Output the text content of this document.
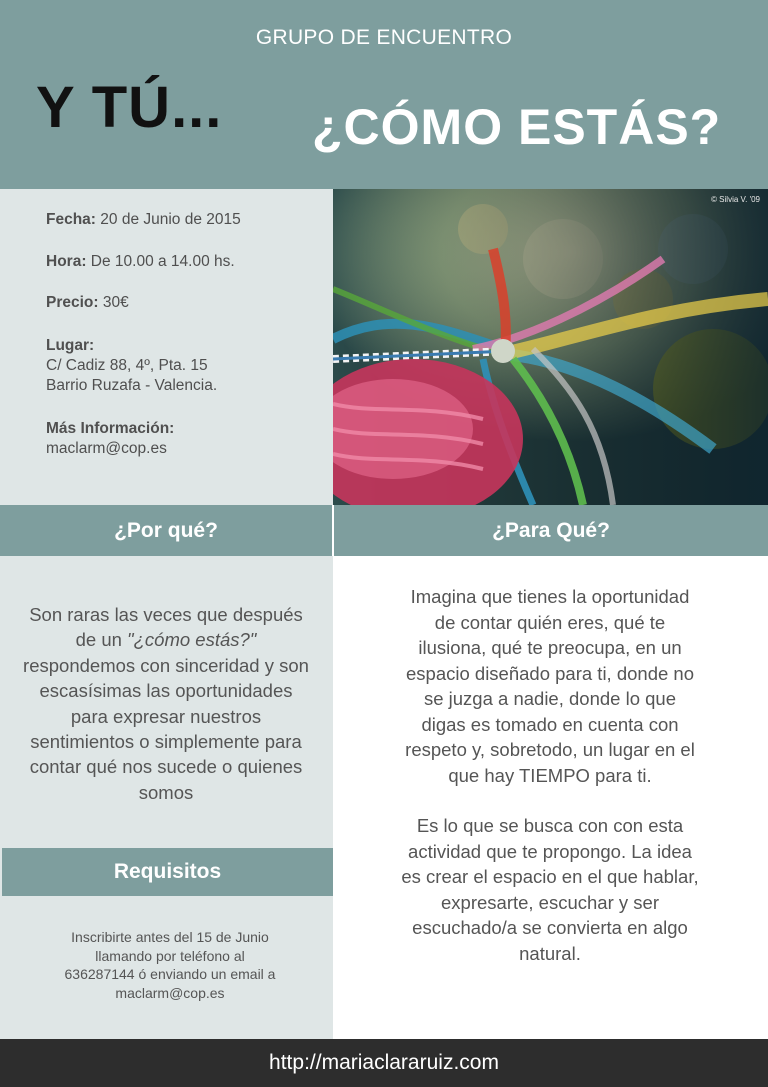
GRUPO DE ENCUENTRO
Y TÚ... ¿CÓMO ESTÁS?
Fecha: 20 de Junio de 2015
Hora: De 10.00 a 14.00 hs.
Precio: 30€
Lugar:
C/ Cadiz 88, 4º, Pta. 15
Barrio Ruzafa - Valencia.
Más Información:
maclarm@cop.es
© Silvia V. '09
¿Por qué?	¿Para Qué?
Son raras las veces que después de un "¿cómo estás?" respondemos con sinceridad y son escasísimas las oportunidades para expresar nuestros sentimientos o simplemente para contar qué nos sucede o quienes somos
Requisitos
Inscribirte antes del 15 de Junio llamando por teléfono al 636287144 ó enviando un email a maclarm@cop.es

Imagina que tienes la oportunidad de contar quién eres, qué te ilusiona, qué te preocupa, en un espacio diseñado para ti, donde no se juzga a nadie, donde lo que digas es tomado en cuenta con respeto y, sobretodo, un lugar en el que hay TIEMPO para ti.

Es lo que se busca con con esta actividad que te propongo. La idea es crear el espacio en el que hablar, expresarte, escuchar y ser escuchado/a se convierta en algo natural.

http://mariaclararuiz.com
